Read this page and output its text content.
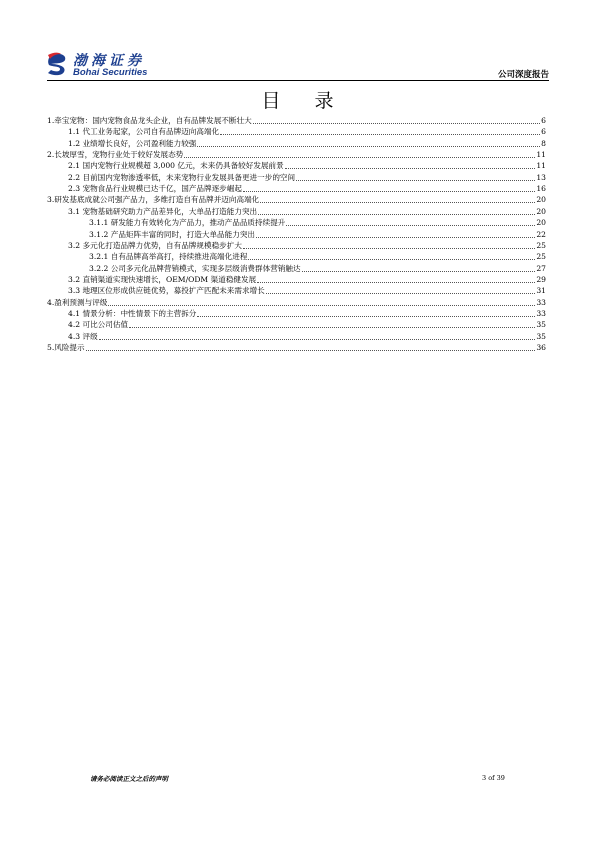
渤海证券
Bohai Securities	公司深度报告
目 录
1.牵宝宠物：国内宠物食品龙头企业，自有品牌发展不断壮大	6
1.1 代工业务起家，公司自有品牌迈向高端化	6
1.2 业绩增长良好，公司盈利能力较强	8
2.长坡厚雪，宠物行业处于较好发展态势	11
2.1 国内宠物行业规模超 3,000 亿元，未来仍具备较好发展前景	11
2.2 目前国内宠物渗透率低，未来宠物行业发展具备更进一步的空间	13
2.3 宠物食品行业规模已达千亿，国产品牌逐步崛起	16
3.研发基底成就公司强产品力，多维打造自有品牌并迈向高端化	20
3.1 宠物基础研究助力产品差异化，大单品打造能力突出	20
3.1.1 研发能力有效转化为产品力，推动产品品质持续提升	20
3.1.2 产品矩阵丰富的同时，打造大单品能力突出	22
3.2 多元化打造品牌力优势，自有品牌规模稳步扩大	25
3.2.1 自有品牌高举高打，持续推进高端化进程	25
3.2.2 公司多元化品牌营销模式，实现多层级消费群体营销触达	27
3.2 直销渠道实现快速增长，OEM/ODM 渠道稳健发展	29
3.3 地理区位形成供应链优势，募投扩产匹配未来需求增长	31
4.盈利预测与评级	33
4.1 情景分析：中性情景下的主营拆分	33
4.2 可比公司估值	35
4.3 评级	35
5.风险提示	36
请务必阅读正文之后的声明	3 of 39
